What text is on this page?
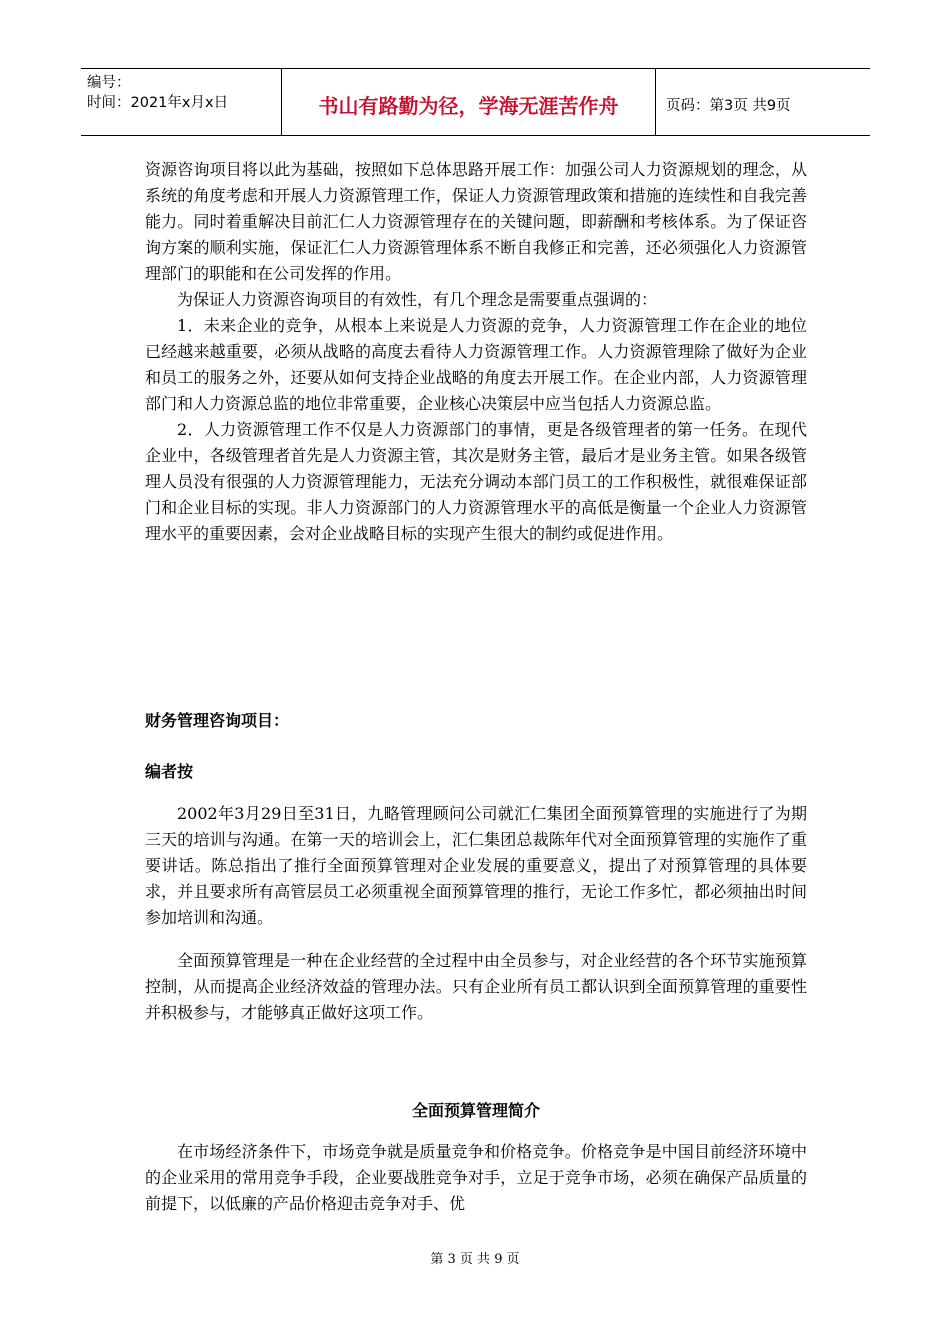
编号：
时间：2021年x月x日	书山有路勤为径，学海无涯苦作舟	页码：第3页 共9页

资源咨询项目将以此为基础，按照如下总体思路开展工作：加强公司人力资源规划的理念，从系统的角度考虑和开展人力资源管理工作，保证人力资源管理政策和措施的连续性和自我完善能力。同时着重解决目前汇仁人力资源管理存在的关键问题，即薪酬和考核体系。为了保证咨询方案的顺利实施，保证汇仁人力资源管理体系不断自我修正和完善，还必须强化人力资源管理部门的职能和在公司发挥的作用。

为保证人力资源咨询项目的有效性，有几个理念是需要重点强调的：

1．未来企业的竞争，从根本上来说是人力资源的竞争，人力资源管理工作在企业的地位已经越来越重要，必须从战略的高度去看待人力资源管理工作。人力资源管理除了做好为企业和员工的服务之外，还要从如何支持企业战略的角度去开展工作。在企业内部，人力资源管理部门和人力资源总监的地位非常重要，企业核心决策层中应当包括人力资源总监。

2．人力资源管理工作不仅是人力资源部门的事情，更是各级管理者的第一任务。在现代企业中，各级管理者首先是人力资源主管，其次是财务主管，最后才是业务主管。如果各级管理人员没有很强的人力资源管理能力，无法充分调动本部门员工的工作积极性，就很难保证部门和企业目标的实现。非人力资源部门的人力资源管理水平的高低是衡量一个企业人力资源管理水平的重要因素，会对企业战略目标的实现产生很大的制约或促进作用。

财务管理咨询项目：
编者按

2002年3月29日至31日，九略管理顾问公司就汇仁集团全面预算管理的实施进行了为期三天的培训与沟通。在第一天的培训会上，汇仁集团总裁陈年代对全面预算管理的实施作了重要讲话。陈总指出了推行全面预算管理对企业发展的重要意义，提出了对预算管理的具体要求，并且要求所有高管层员工必须重视全面预算管理的推行，无论工作多忙，都必须抽出时间参加培训和沟通。

全面预算管理是一种在企业经营的全过程中由全员参与，对企业经营的各个环节实施预算控制，从而提高企业经济效益的管理办法。只有企业所有员工都认识到全面预算管理的重要性并积极参与，才能够真正做好这项工作。

全面预算管理简介

在市场经济条件下，市场竞争就是质量竞争和价格竞争。价格竞争是中国目前经济环境中的企业采用的常用竞争手段，企业要战胜竞争对手，立足于竞争市场，必须在确保产品质量的前提下，以低廉的产品价格迎击竞争对手、优

第 3 页 共 9 页
